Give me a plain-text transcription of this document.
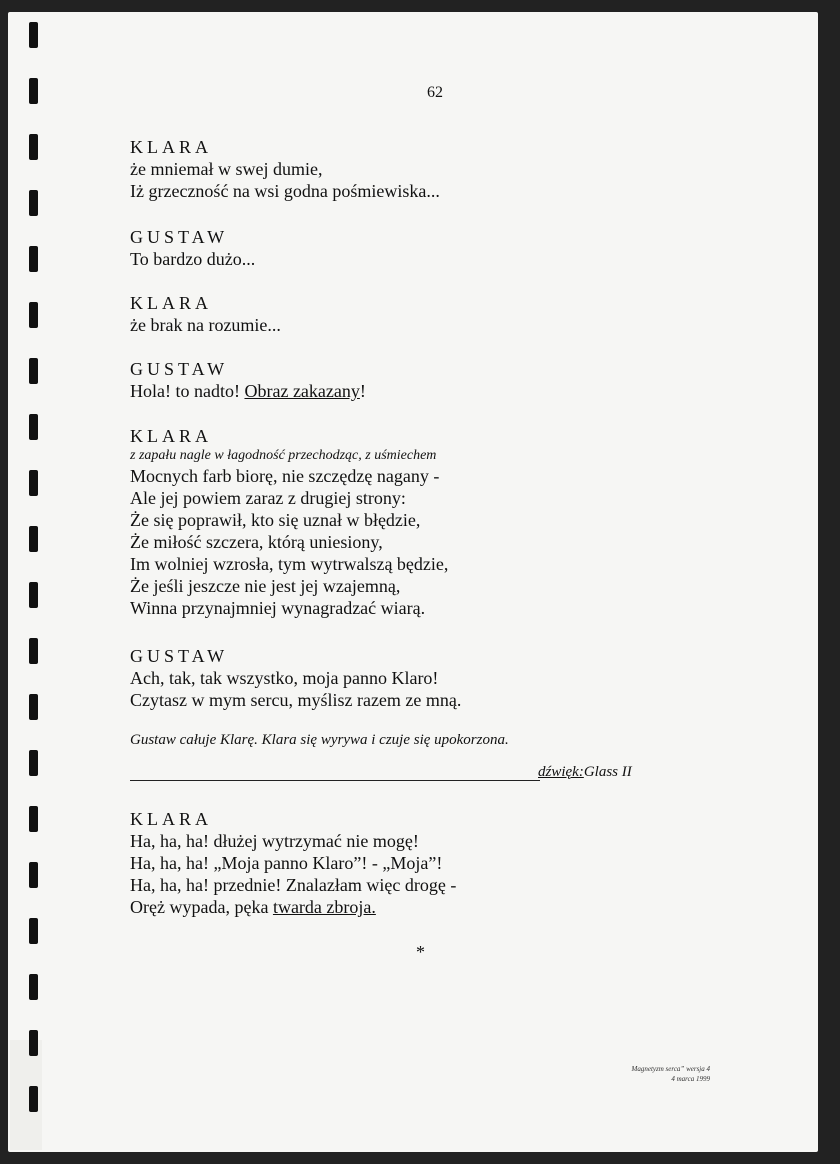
62
KLARA
że mniemał w swej dumie,
Iż grzeczność na wsi godna pośmiewiska...
GUSTAW
To bardzo dużo...
KLARA
że brak na rozumie...
GUSTAW
Hola! to nadto! Obraz zakazany!
KLARA
z zapału nagle w łagodność przechodząc, z uśmiechem
Mocnych farb biorę, nie szczędzę nagany -
Ale jej powiem zaraz z drugiej strony:
Że się poprawił, kto się uznał w błędzie,
Że miłość szczera, którą uniesiony,
Im wolniej wzrosła, tym wytrwalszą będzie,
Że jeśli jeszcze nie jest jej wzajemną,
Winna przynajmniej wynagradzać wiarą.
GUSTAW
Ach, tak, tak wszystko, moja panno Klaro!
Czytasz w mym sercu, myślisz razem ze mną.
Gustaw całuje Klarę. Klara się wyrywa i czuje się upokorzona.
dźwięk:Glass II
KLARA
Ha, ha, ha! dłużej wytrzymać nie mogę!
Ha, ha, ha! „Moja panno Klaro”! - „Moja”!
Ha, ha, ha! przednie! Znalazłam więc drogę -
Oręż wypada, pęka twarda zbroja.
*
Magnetyzm serca” wersja 4
4 marca 1999
